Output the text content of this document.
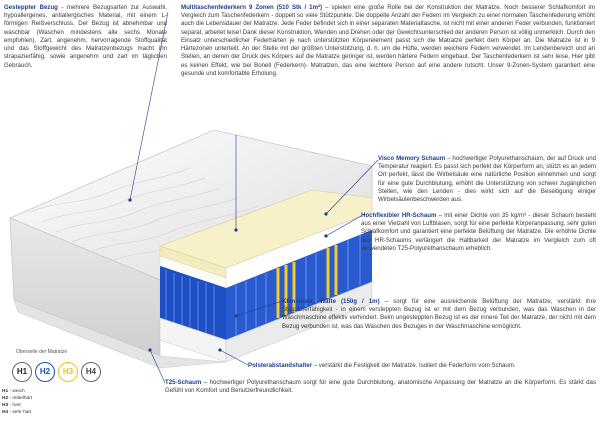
Gesteppter Bezug - mehrere Bezugsarten zur Auswahl, hypoallergenes, antiallergisches Material, mit einem L-förmigen Reißverschluss. Der Bezug ist abnehmbar und waschbar (Waschen mindestens alle sechs Monate empfohlen). Zart, angenehm, hervorragende Stoffqualität und das Stoffgewicht des Matratzenbezugs macht ihn strapazierfähig, sowie angenehm und zart im täglichen Gebrauch.
Multitaschenfederkern 9 Zonen (510 Stk / 1m²) – spielen eine große Rolle bei der Konstruktion der Matratze. Noch besserer Schlafkomfort im Vergleich zum Taschenfederkern - doppelt so viele Stützpunkte. Die doppelte Anzahl der Federn im Vergleich zu einer normalen Taschenfederung erhöht auch die Lebensdauer der Matratze. Jede Feder befindet sich in einer separaten Materialtasche, ist nicht mit einer anderen Feder verbunden, funktioniert separat, arbeitet leise! Dank dieser Konstruktion, Wenden und Drehen oder der Gewichtsunterschied der anderen Person ist völlig unmerklich. Durch den Einsatz unterschiedlicher Federhärten je nach unterstützten Körperelement passt sich die Matratze perfekt dem Körper an. Die Matratze ist in 9 Härtezonen unterteilt. An der Stelle mit der größten Unterstützung, d. h. um die Hüfte, werden weichere Federn verwendet. Im Lendenbereich und an Stellen, an denen der Druck des Körpers auf die Matratze geringer ist, werden härtere Federn eingebaut. Der Taschenfederkern ist sehr leise. Hier gibt es keinen Effekt, wie bei Bonell (Federkern)- Matratzen, das eine leichtere Person auf eine andere rutscht. Unser 9-Zonen-System garantiert eine gesunde und komfortable Erholung.
Visco Memory Schaum – hochwertiger Polyurethanschaum, der auf Druck und Temperatur reagiert. Es passt sich perfekt der Körperform an, stützt es an jedem Ort perfekt, lässt die Wirbelsäule eine natürliche Position einnehmen und sorgt für eine gute Durchblutung, erhöht die Unterstützung von schwer zugänglichen Stellen, wie den Lenden - dies wirkt sich auf die Beseitigung einiger Wirbelsäulenbeschwerden aus.
Hochflexibler HR-Schaum – mit einer Dichte von 35 kg/m³ - dieser Schaum besteht aus einer Vielzahl von Luftblasen, sorgt für eine perfekte Körperanpassung, sehr guten Schlafkomfort und garantiert eine perfekte Belüftung der Matratze. Die erhöhte Dichte des HR-Schaums verlängert die Haltbarkeit der Matratze im Vergleich zum oft verwendeten T25-Polyurethanschaum erheblich.
Klimafaser, Watte (150g / 1m) – sorgt für eine ausreichende Belüftung der Matratze, verstärkt ihre Strapazierfähigkeit - in einem versteppten Bezug ist er mit dem Bezug verbunden, was das Waschen in der Waschmaschine effektiv verhindert. Beim ungesteppten Bezug ist es der innere Teil der Matratze, der nicht mit dem Bezug verbunden ist, was das Waschen des Bezuges in der Waschmaschine ermöglicht.
Polsterabstandshalter – verstärkt die Festigkeit der Matratze. Isoliert die Federform vom Schaum.
T25-Schaum – hochwertiger Polyurethanschaum sorgt für eine gute Durchblutung, anatomische Anpassung der Matratze an die Körperform. Es stärkt das Gefühl von Komfort und Benutzerfreundlichkeit.
Oberseite der Matratze
H1	H2	H3	H4
H1 - weich
H2 - mittelhart
H3 - hart
H4 - sehr hart
